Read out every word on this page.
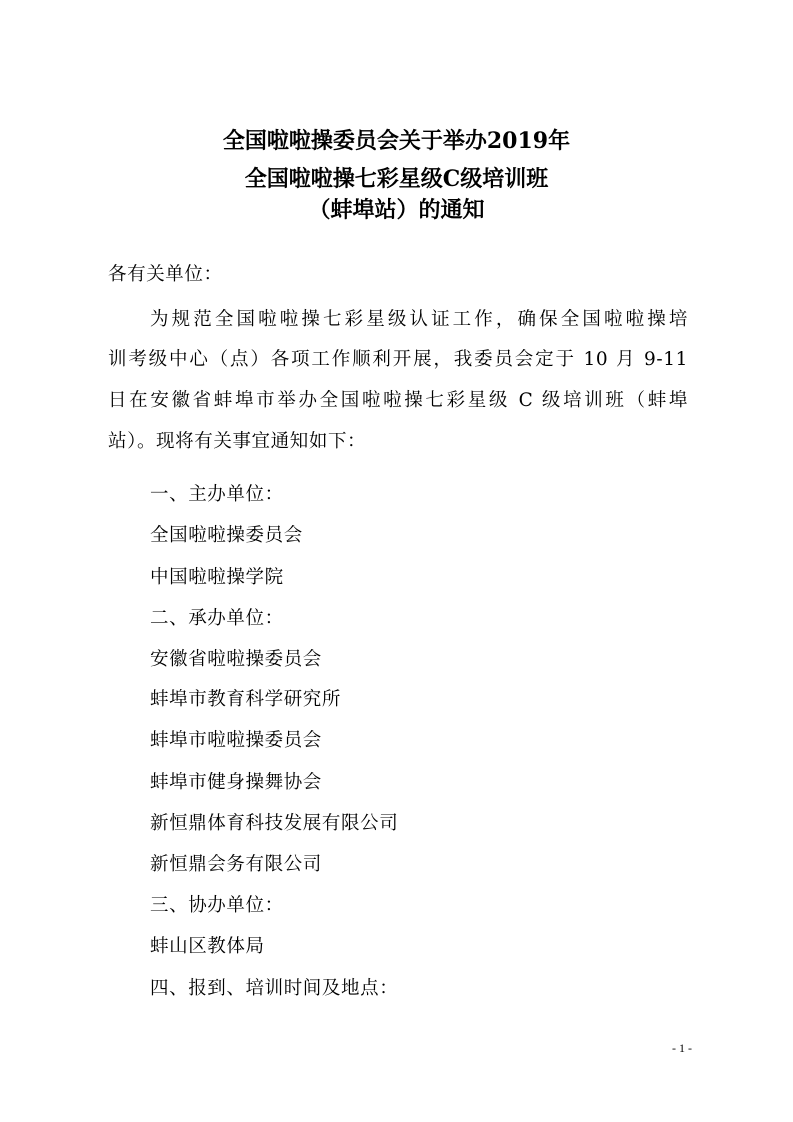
全国啦啦操委员会关于举办2019年
全国啦啦操七彩星级C级培训班
（蚌埠站）的通知
各有关单位：
为规范全国啦啦操七彩星级认证工作，确保全国啦啦操培
训考级中心（点）各项工作顺利开展，我委员会定于 10 月 9-11
日在安徽省蚌埠市举办全国啦啦操七彩星级 C 级培训班（蚌埠
站）。现将有关事宜通知如下：
一、主办单位：
全国啦啦操委员会
中国啦啦操学院
二、承办单位：
安徽省啦啦操委员会
蚌埠市教育科学研究所
蚌埠市啦啦操委员会
蚌埠市健身操舞协会
新恒鼎体育科技发展有限公司
新恒鼎会务有限公司
三、协办单位：
蚌山区教体局
四、报到、培训时间及地点：
- 1 -
